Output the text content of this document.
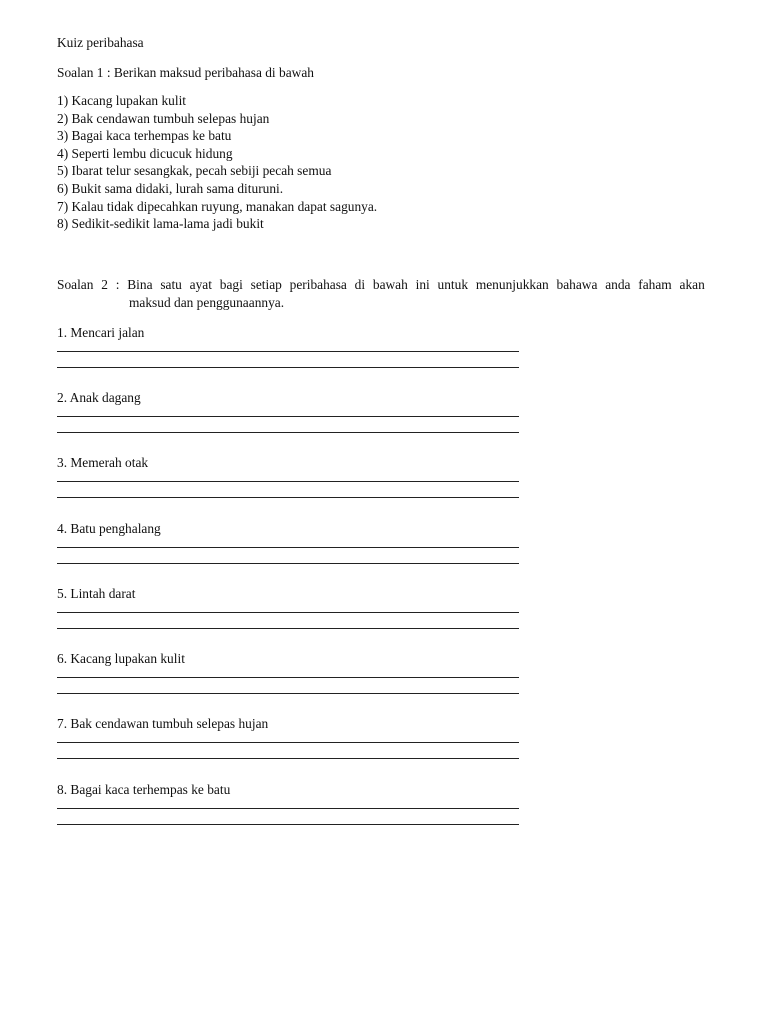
Kuiz peribahasa
Soalan 1 : Berikan maksud peribahasa di bawah
1) Kacang lupakan kulit
2) Bak cendawan tumbuh selepas hujan
3) Bagai kaca terhempas ke batu
4) Seperti lembu dicucuk hidung
5) Ibarat telur sesangkak, pecah sebiji pecah semua
6) Bukit sama didaki, lurah sama dituruni.
7) Kalau tidak dipecahkan ruyung, manakan dapat sagunya.
8) Sedikit-sedikit lama-lama jadi bukit
Soalan 2 : Bina satu ayat bagi setiap peribahasa di bawah ini untuk menunjukkan bahawa anda faham akan
maksud dan penggunaannya.
1. Mencari jalan
2. Anak dagang
3. Memerah otak
4. Batu penghalang
5. Lintah darat
6. Kacang lupakan kulit
7. Bak cendawan tumbuh selepas hujan
8. Bagai kaca terhempas ke batu
